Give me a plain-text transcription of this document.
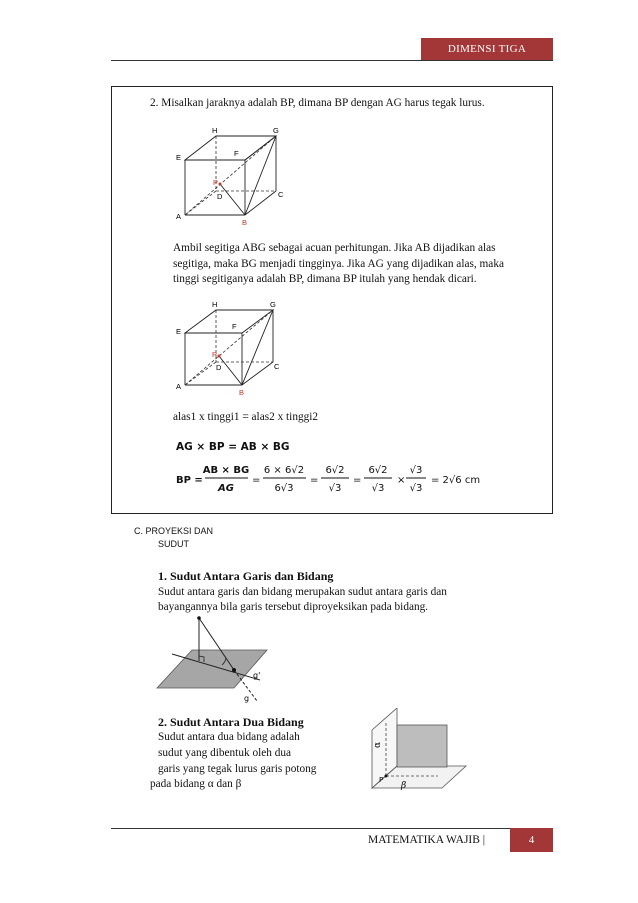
DIMENSI TIGA
2. Misalkan jaraknya adalah BP, dimana BP dengan AG harus tegak lurus.
H	G
E	F
P
D	C
A
B
Ambil segitiga ABG sebagai acuan perhitungan. Jika AB dijadikan alas
segitiga, maka BG menjadi tingginya. Jika AG yang dijadikan alas, maka
tinggi segitiganya adalah BP, dimana BP itulah yang hendak dicari.
H	G
E
F
P
D	C
A
B
alas1 x tinggi1 = alas2 x tinggi2
AG × BP = AB × BG
BP =
AB × BG
AG
=
6 × 6√2
6√3
=
6√2
√3
=
6√2
√3
×
√3
√3
= 2√6 cm
C. PROYEKSI DAN
SUDUT
1. Sudut Antara Garis dan Bidang
Sudut antara garis dan bidang merupakan sudut antara garis dan
bayangannya bila garis tersebut diproyeksikan pada bidang.
g'
g
2. Sudut Antara Dua Bidang
Sudut antara dua bidang adalah
sudut yang dibentuk oleh dua
garis yang tegak lurus garis potong
pada bidang α dan β	P
α
β
MATEMATIKA WAJIB |	4
